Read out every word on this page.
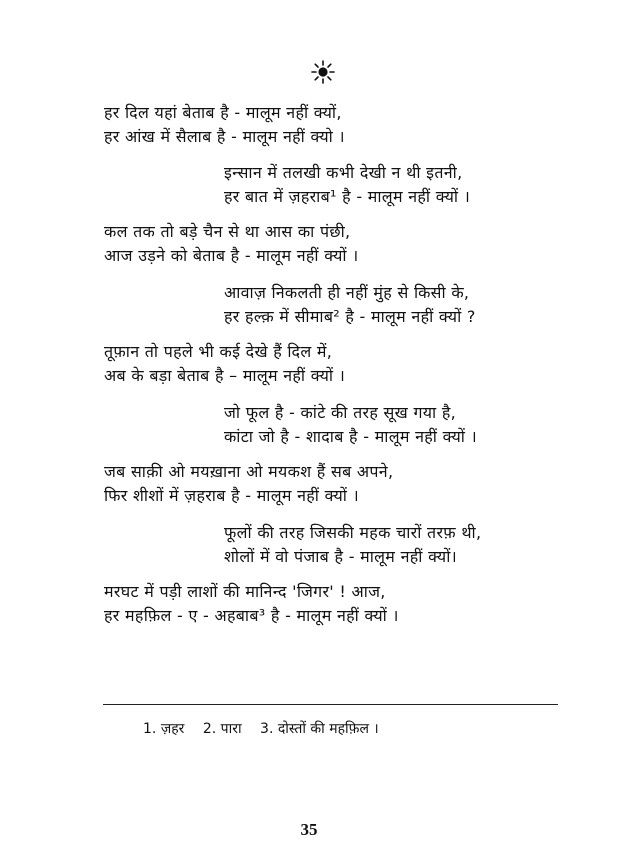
हर दिल यहां बेताब है - मालूम नहीं क्यों,
हर आंख में सैलाब है - मालूम नहीं क्यो ।
इन्सान में तलखी कभी देखी न थी इतनी,
हर बात में ज़हराब¹ है - मालूम नहीं क्यों ।
कल तक तो बड़े चैन से था आस का पंछी,
आज उड़ने को बेताब है - मालूम नहीं क्यों ।
आवाज़ निकलती ही नहीं मुंह से किसी के,
हर हल्क़ में सीमाब² है - मालूम नहीं क्यों ?
तूफ़ान तो पहले भी कई देखे हैं दिल में,
अब के बड़ा बेताब है – मालूम नहीं क्यों ।
जो फूल है - कांटे की तरह सूख गया है,
कांटा जो है - शादाब है - मालूम नहीं क्यों ।
जब साक़ी ओ मयख़ाना ओ मयकश हैं सब अपने,
फिर शीशों में ज़हराब है - मालूम नहीं क्यों ।
फूलों की तरह जिसकी महक चारों तरफ़ थी,
शोलों में वो पंजाब है - मालूम नहीं क्यों।
मरघट में पड़ी लाशों की मानिन्द 'जिगर' ! आज,
हर महफ़िल - ए - अहबाब³ है - मालूम नहीं क्यों ।
1. ज़हर 2. पारा 3. दोस्तों की महफ़िल ।
35
